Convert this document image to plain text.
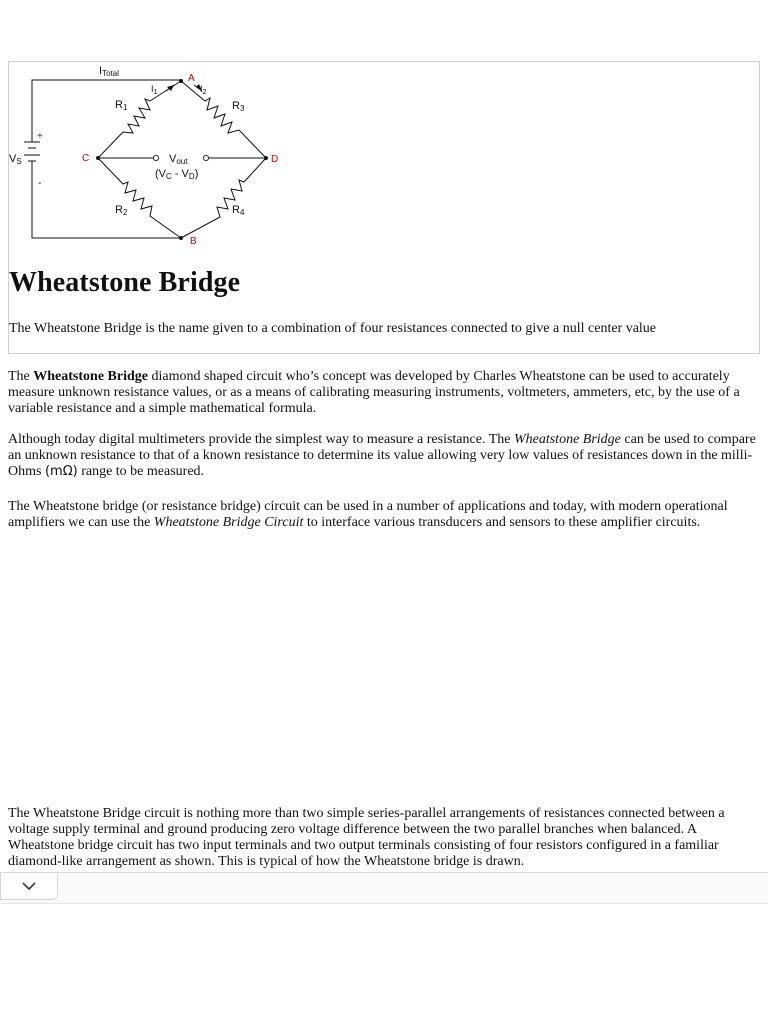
ITotal
$I_1$	$I_2$
R1	R3
R2	R4
VS	Vout
(VC - VD)
A
C	D
B
+
-
Wheatstone Bridge

The Wheatstone Bridge is the name given to a combination of four resistances connected to give a null center value

The Wheatstone Bridge diamond shaped circuit who’s concept was developed by Charles Wheatstone can be used to accurately measure unknown resistance values, or as a means of calibrating measuring instruments, voltmeters, ammeters, etc, by the use of a variable resistance and a simple mathematical formula.

Although today digital multimeters provide the simplest way to measure a resistance. The Wheatstone Bridge can be used to compare an unknown resistance to that of a known resistance to determine its value allowing very low values of resistances down in the milli-Ohms (mΩ) range to be measured.

The Wheatstone bridge (or resistance bridge) circuit can be used in a number of applications and today, with modern operational amplifiers we can use the Wheatstone Bridge Circuit to interface various transducers and sensors to these amplifier circuits.

The Wheatstone Bridge circuit is nothing more than two simple series-parallel arrangements of resistances connected between a voltage supply terminal and ground producing zero voltage difference between the two parallel branches when balanced. A Wheatstone bridge circuit has two input terminals and two output terminals consisting of four resistors configured in a familiar diamond-like arrangement as shown. This is typical of how the Wheatstone bridge is drawn.
